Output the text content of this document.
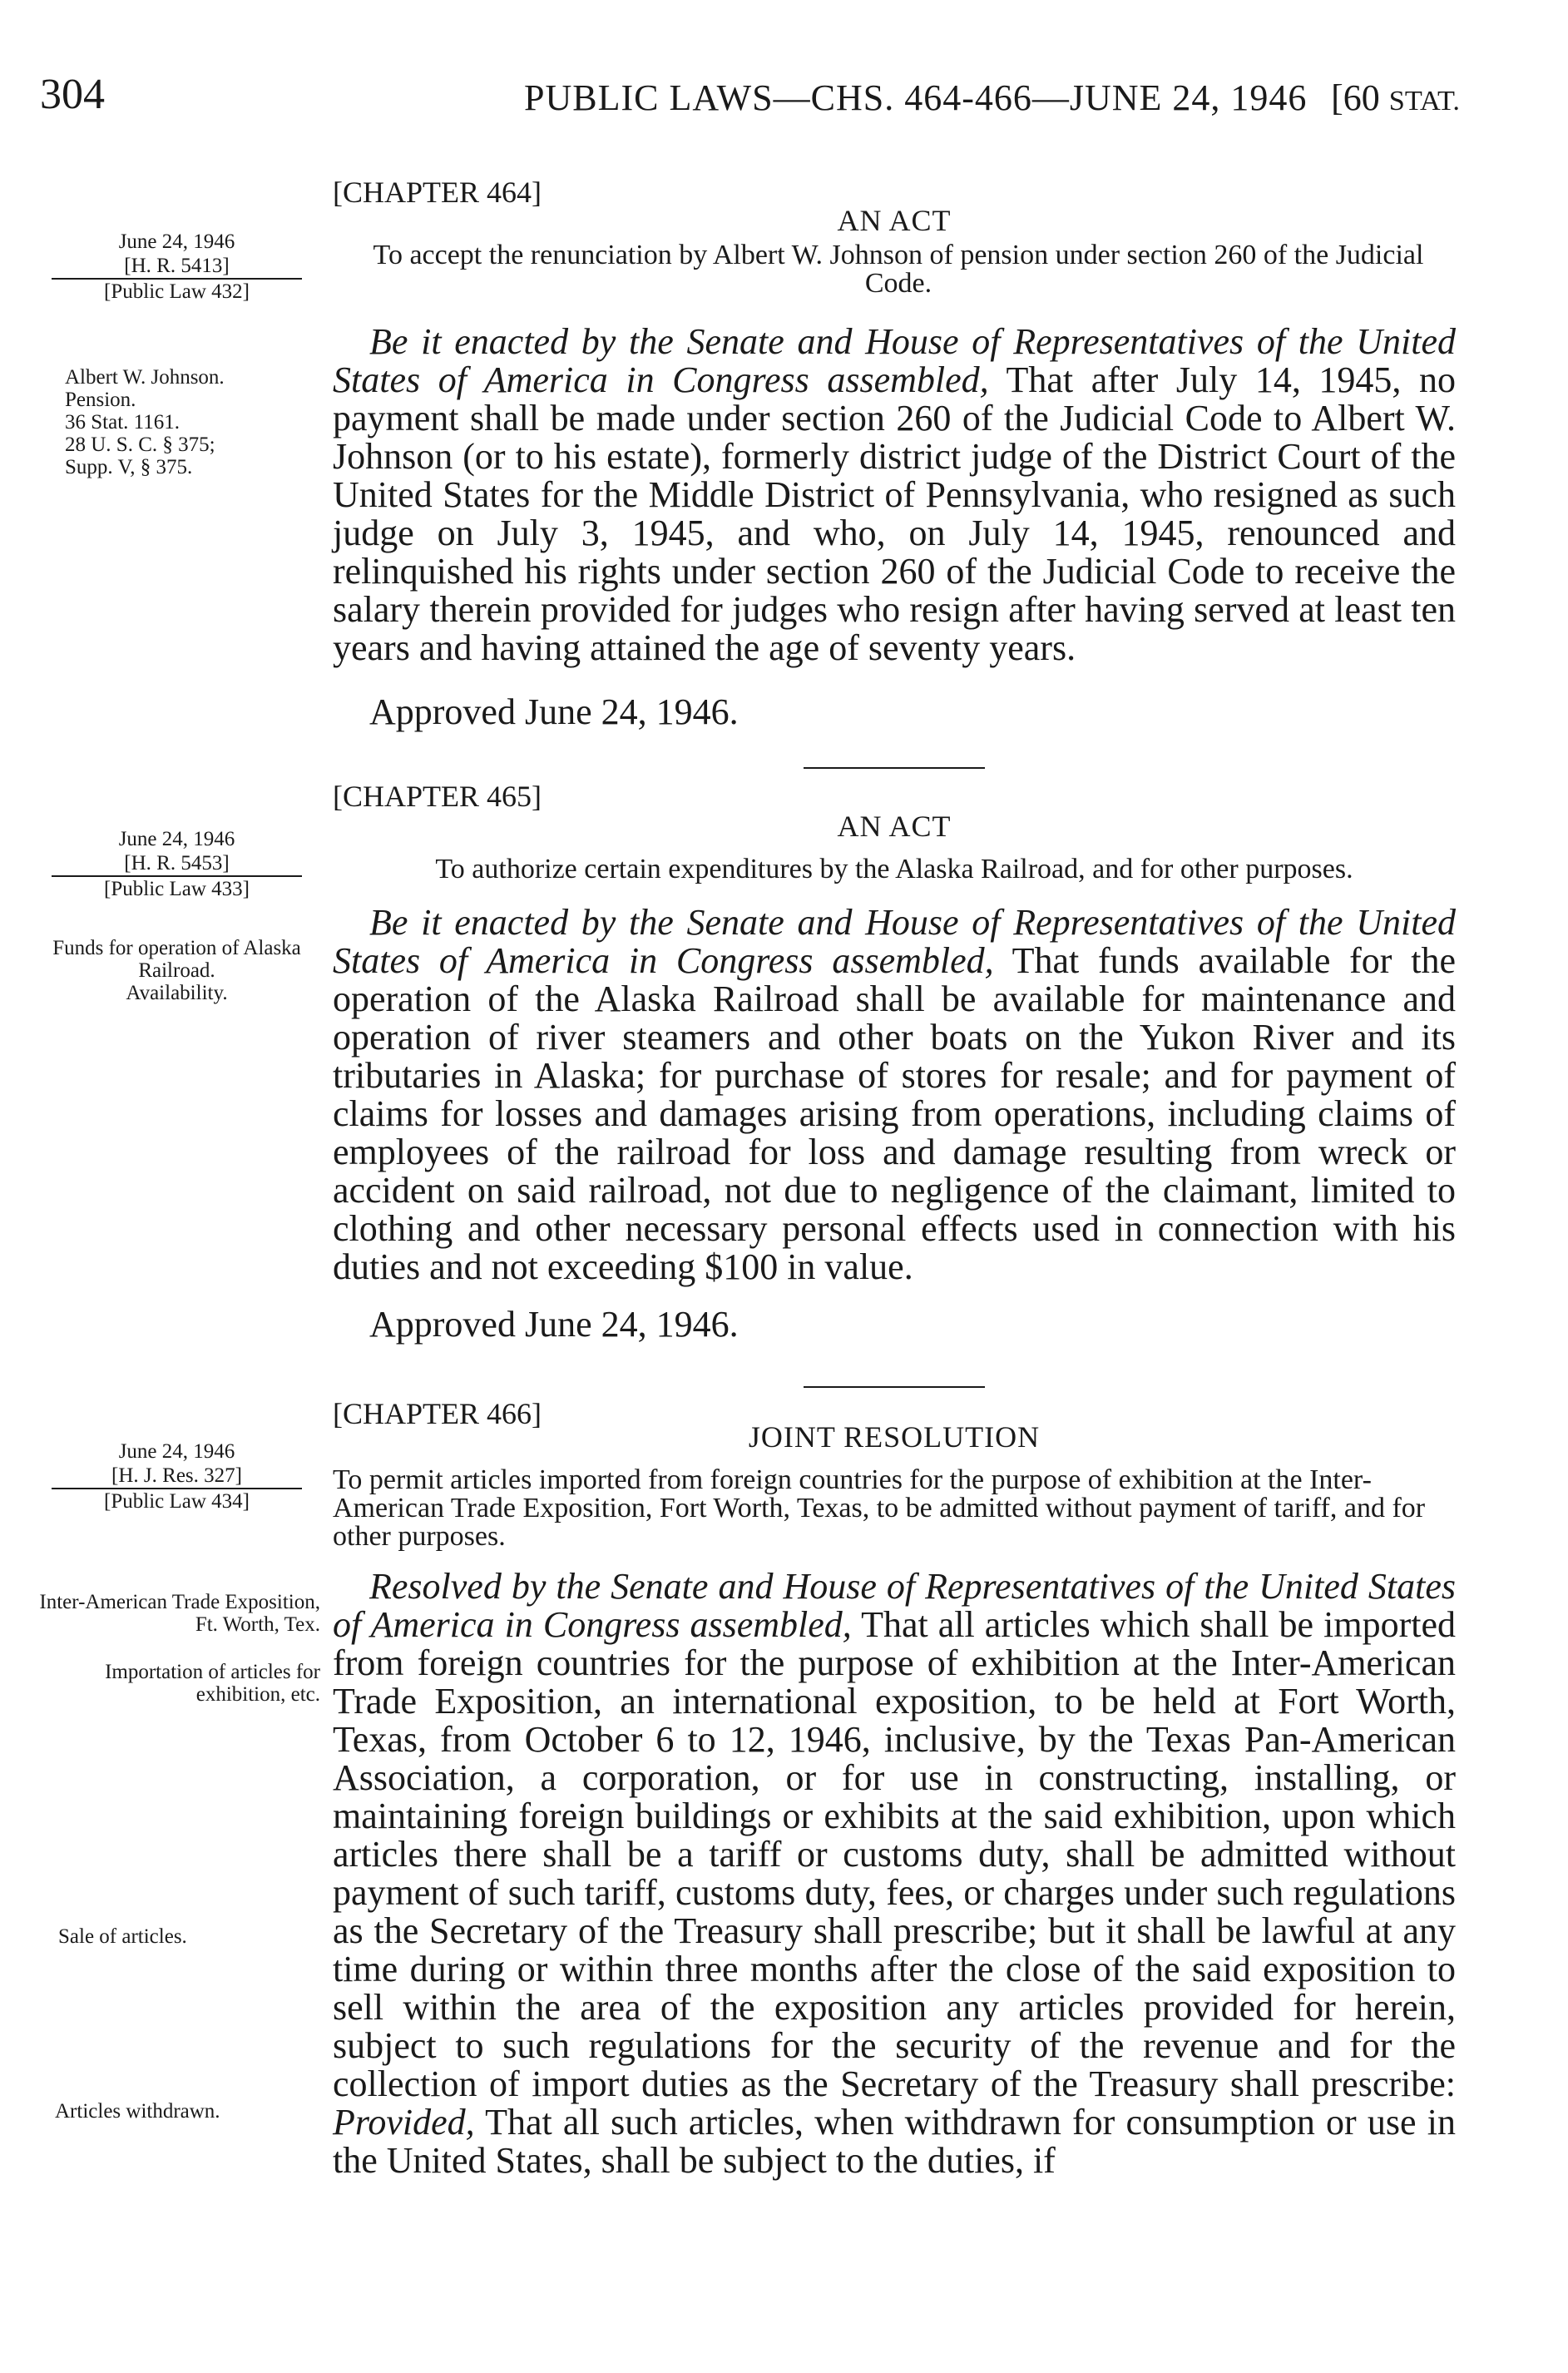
304	PUBLIC LAWS—CHS. 464-466—JUNE 24, 1946 [60 STAT.
June 24, 1946
[H. R. 5413]
[Public Law 432]
Albert W. Johnson.
Pension.
36 Stat. 1161.
28 U. S. C. § 375;
Supp. V, § 375.
[CHAPTER 464]
AN ACT
To accept the renunciation by Albert W. Johnson of pension under section 260 of the Judicial Code.
Be it enacted by the Senate and House of Representatives of the United States of America in Congress assembled, That after July 14, 1945, no payment shall be made under section 260 of the Judicial Code to Albert W. Johnson (or to his estate), formerly district judge of the District Court of the United States for the Middle District of Pennsylvania, who resigned as such judge on July 3, 1945, and who, on July 14, 1945, renounced and relinquished his rights under section 260 of the Judicial Code to receive the salary therein provided for judges who resign after having served at least ten years and having attained the age of seventy years.
Approved June 24, 1946.
June 24, 1946
[H. R. 5453]
[Public Law 433]
Funds for operation of Alaska Railroad.
Availability.
[CHAPTER 465]
AN ACT
To authorize certain expenditures by the Alaska Railroad, and for other purposes.
Be it enacted by the Senate and House of Representatives of the United States of America in Congress assembled, That funds available for the operation of the Alaska Railroad shall be available for maintenance and operation of river steamers and other boats on the Yukon River and its tributaries in Alaska; for purchase of stores for resale; and for payment of claims for losses and damages arising from operations, including claims of employees of the railroad for loss and damage resulting from wreck or accident on said railroad, not due to negligence of the claimant, limited to clothing and other necessary personal effects used in connection with his duties and not exceeding $100 in value.
Approved June 24, 1946.
June 24, 1946
[H. J. Res. 327]
[Public Law 434]
Inter-American Trade Exposition, Ft. Worth, Tex.
Importation of articles for exhibition, etc.
Sale of articles.
Articles withdrawn.
[CHAPTER 466]
JOINT RESOLUTION
To permit articles imported from foreign countries for the purpose of exhibition at the Inter-American Trade Exposition, Fort Worth, Texas, to be admitted without payment of tariff, and for other purposes.
Resolved by the Senate and House of Representatives of the United States of America in Congress assembled, That all articles which shall be imported from foreign countries for the purpose of exhibition at the Inter-American Trade Exposition, an international exposition, to be held at Fort Worth, Texas, from October 6 to 12, 1946, inclusive, by the Texas Pan-American Association, a corporation, or for use in constructing, installing, or maintaining foreign buildings or exhibits at the said exhibition, upon which articles there shall be a tariff or customs duty, shall be admitted without payment of such tariff, customs duty, fees, or charges under such regulations as the Secretary of the Treasury shall prescribe; but it shall be lawful at any time during or within three months after the close of the said exposition to sell within the area of the exposition any articles provided for herein, subject to such regulations for the security of the revenue and for the collection of import duties as the Secretary of the Treasury shall prescribe: Provided, That all such articles, when withdrawn for consumption or use in the United States, shall be subject to the duties, if
